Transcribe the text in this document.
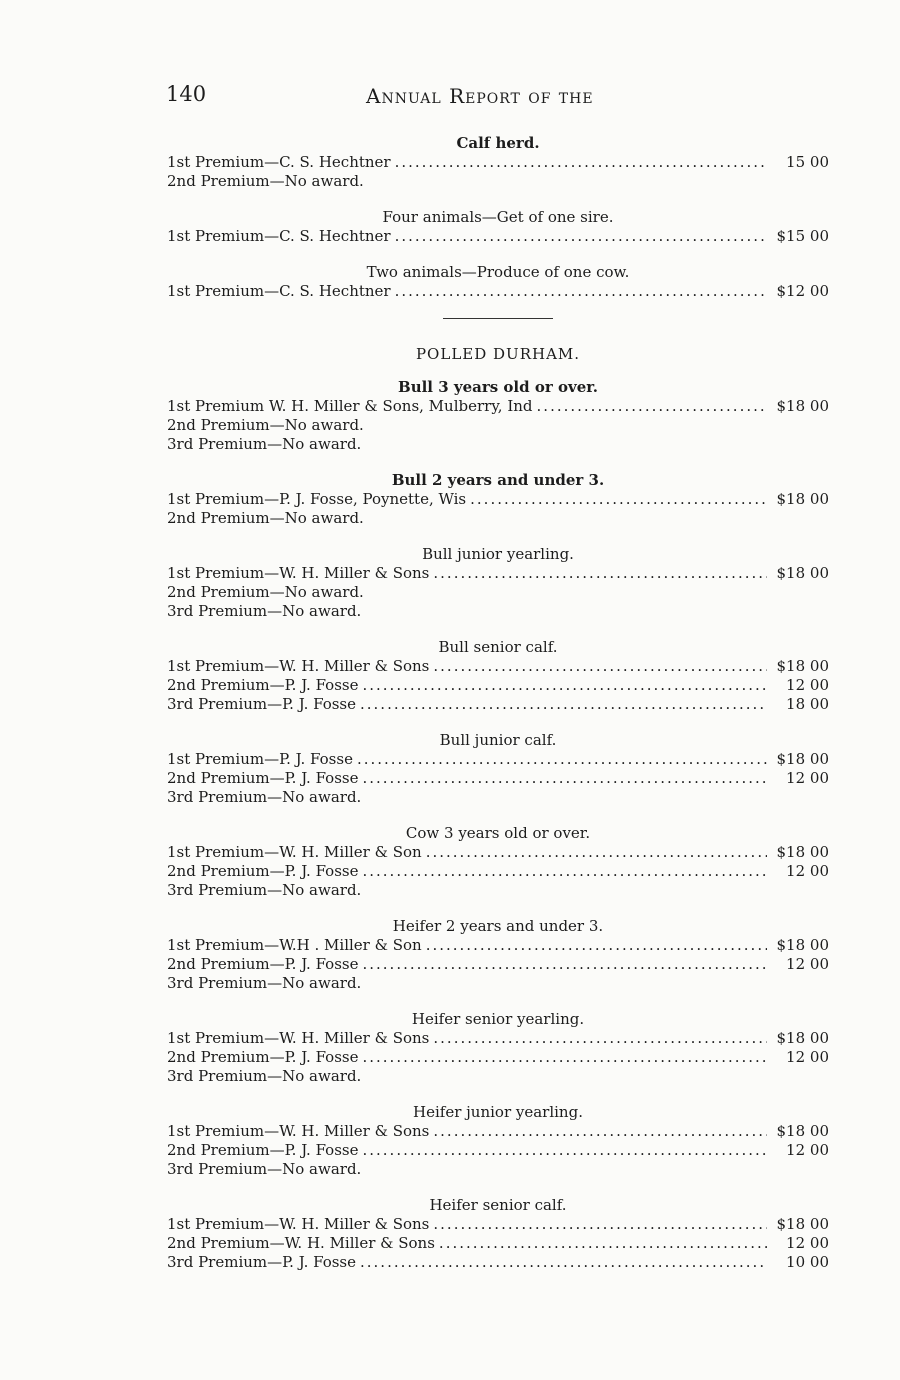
140	Annual Report of the
Calf herd.
1st Premium—C. S. Hechtner .....	15 00
2nd Premium—No award.
Four animals—Get of one sire.
1st Premium—C. S. Hechtner .....	$15 00
Two animals—Produce of one cow.
1st Premium—C. S. Hechtner .....	$12 00
POLLED DURHAM.
Bull 3 years old or over.
1st Premium W. H. Miller & Sons, Mulberry, Ind .....	$18 00
2nd Premium—No award.
3rd Premium—No award.
Bull 2 years and under 3.
1st Premium—P. J. Fosse, Poynette, Wis .....	$18 00
2nd Premium—No award.
Bull junior yearling.
1st Premium—W. H. Miller & Sons .....	$18 00
2nd Premium—No award.
3rd Premium—No award.
Bull senior calf.
1st Premium—W. H. Miller & Sons .....	$18 00
2nd Premium—P. J. Fosse .....	12 00
3rd Premium—P. J. Fosse .....	18 00
Bull junior calf.
1st Premium—P. J. Fosse .....	$18 00
2nd Premium—P. J. Fosse .....	12 00
3rd Premium—No award.
Cow 3 years old or over.
1st Premium—W. H. Miller & Son .....	$18 00
2nd Premium—P. J. Fosse .....	12 00
3rd Premium—No award.
Heifer 2 years and under 3.
1st Premium—W.H . Miller & Son .....	$18 00
2nd Premium—P. J. Fosse .....	12 00
3rd Premium—No award.
Heifer senior yearling.
1st Premium—W. H. Miller & Sons .....	$18 00
2nd Premium—P. J. Fosse .....	12 00
3rd Premium—No award.
Heifer junior yearling.
1st Premium—W. H. Miller & Sons .....	$18 00
2nd Premium—P. J. Fosse .....	12 00
3rd Premium—No award.
Heifer senior calf.
1st Premium—W. H. Miller & Sons .....	$18 00
2nd Premium—W. H. Miller & Sons .....	12 00
3rd Premium—P. J. Fosse .....	10 00
